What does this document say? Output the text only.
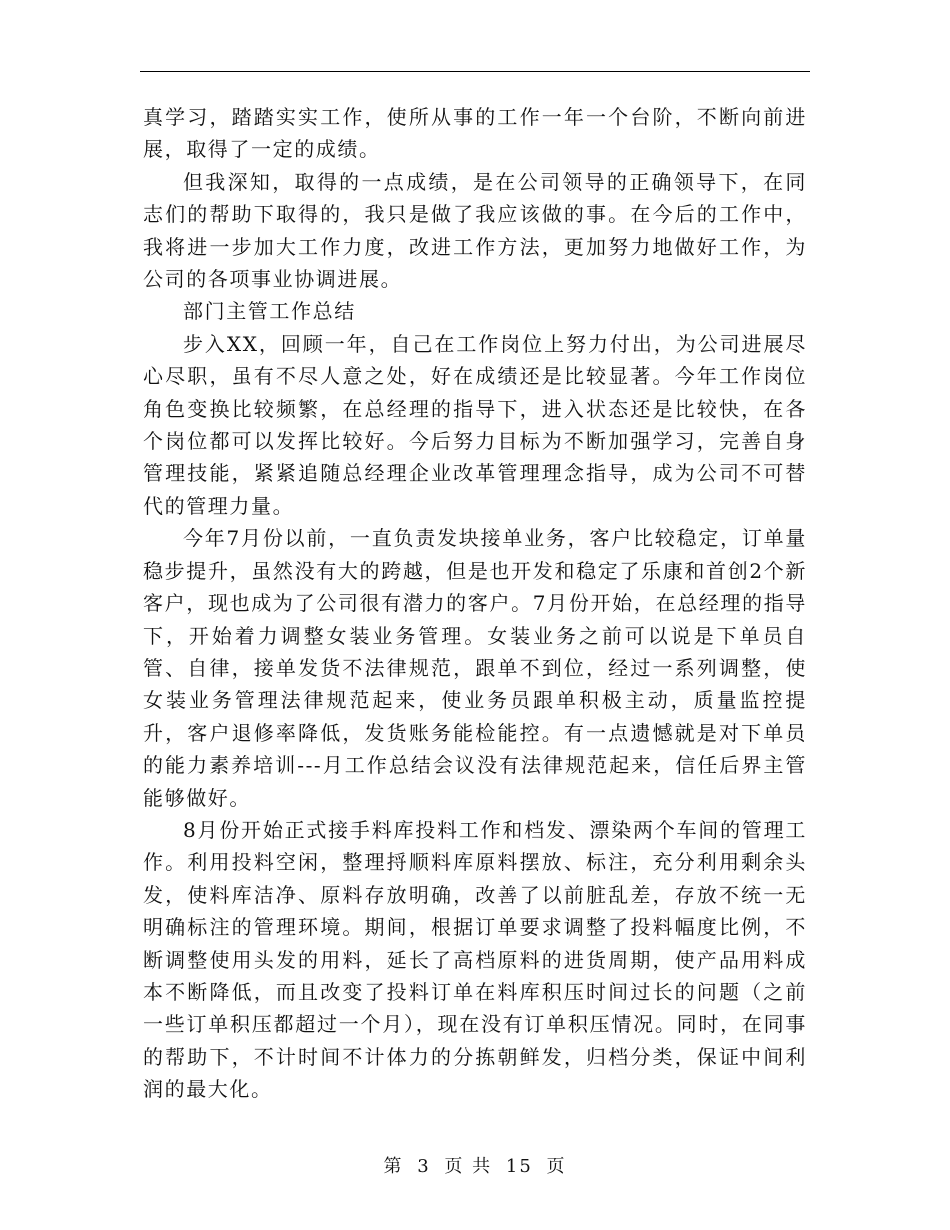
真学习，踏踏实实工作，使所从事的工作一年一个台阶，不断向前进展，取得了一定的成绩。

但我深知，取得的一点成绩，是在公司领导的正确领导下，在同志们的帮助下取得的，我只是做了我应该做的事。在今后的工作中，我将进一步加大工作力度，改进工作方法，更加努力地做好工作，为公司的各项事业协调进展。

部门主管工作总结

步入XX，回顾一年，自己在工作岗位上努力付出，为公司进展尽心尽职，虽有不尽人意之处，好在成绩还是比较显著。今年工作岗位角色变换比较频繁，在总经理的指导下，进入状态还是比较快，在各个岗位都可以发挥比较好。今后努力目标为不断加强学习，完善自身管理技能，紧紧追随总经理企业改革管理理念指导，成为公司不可替代的管理力量。

今年7月份以前，一直负责发块接单业务，客户比较稳定，订单量稳步提升，虽然没有大的跨越，但是也开发和稳定了乐康和首创2个新客户，现也成为了公司很有潜力的客户。7月份开始，在总经理的指导下，开始着力调整女装业务管理。女装业务之前可以说是下单员自管、自律，接单发货不法律规范，跟单不到位，经过一系列调整，使女装业务管理法律规范起来，使业务员跟单积极主动，质量监控提升，客户退修率降低，发货账务能检能控。有一点遗憾就是对下单员的能力素养培训---月工作总结会议没有法律规范起来，信任后界主管能够做好。

8月份开始正式接手料库投料工作和档发、漂染两个车间的管理工作。利用投料空闲，整理捋顺料库原料摆放、标注，充分利用剩余头发，使料库洁净、原料存放明确，改善了以前脏乱差，存放不统一无明确标注的管理环境。期间，根据订单要求调整了投料幅度比例，不断调整使用头发的用料，延长了高档原料的进货周期，使产品用料成本不断降低，而且改变了投料订单在料库积压时间过长的问题（之前一些订单积压都超过一个月），现在没有订单积压情况。同时，在同事的帮助下，不计时间不计体力的分拣朝鲜发，归档分类，保证中间利润的最大化。

第 3 页 共 15 页
